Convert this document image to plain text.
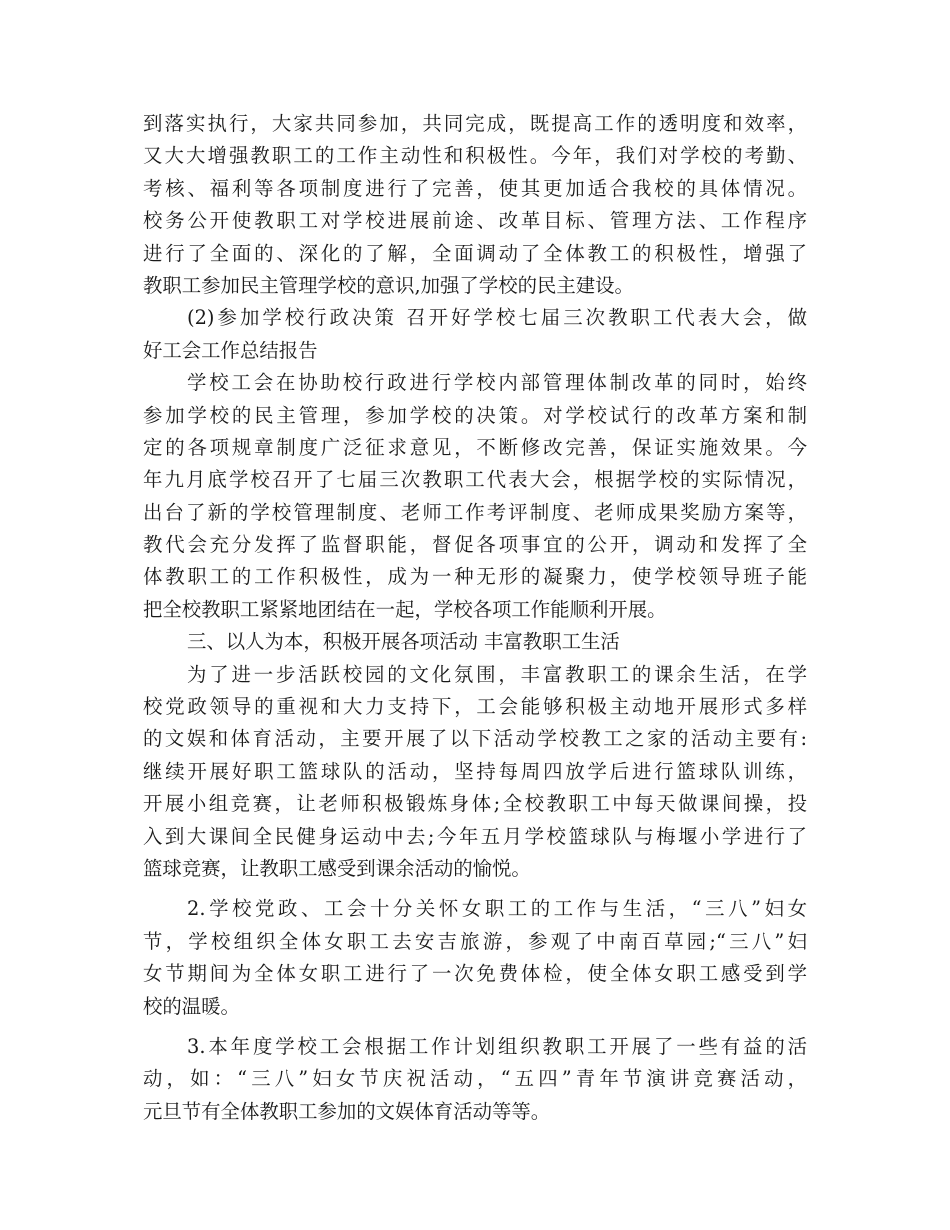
到落实执行，大家共同参加，共同完成，既提高工作的透明度和效率，
又大大增强教职工的工作主动性和积极性。今年，我们对学校的考勤、
考核、福利等各项制度进行了完善，使其更加适合我校的具体情况。
校务公开使教职工对学校进展前途、改革目标、管理方法、工作程序
进行了全面的、深化的了解，全面调动了全体教工的积极性，增强了
教职工参加民主管理学校的意识,加强了学校的民主建设。
(2)参加学校行政决策 召开好学校七届三次教职工代表大会，做
好工会工作总结报告
学校工会在协助校行政进行学校内部管理体制改革的同时，始终
参加学校的民主管理，参加学校的决策。对学校试行的改革方案和制
定的各项规章制度广泛征求意见，不断修改完善，保证实施效果。今
年九月底学校召开了七届三次教职工代表大会，根据学校的实际情况，
出台了新的学校管理制度、老师工作考评制度、老师成果奖励方案等，
教代会充分发挥了监督职能，督促各项事宜的公开，调动和发挥了全
体教职工的工作积极性，成为一种无形的凝聚力，使学校领导班子能
把全校教职工紧紧地团结在一起，学校各项工作能顺利开展。
三、以人为本，积极开展各项活动 丰富教职工生活
为了进一步活跃校园的文化氛围，丰富教职工的课余生活，在学
校党政领导的重视和大力支持下，工会能够积极主动地开展形式多样
的文娱和体育活动，主要开展了以下活动学校教工之家的活动主要有:
继续开展好职工篮球队的活动，坚持每周四放学后进行篮球队训练，
开展小组竞赛，让老师积极锻炼身体;全校教职工中每天做课间操，投
入到大课间全民健身运动中去;今年五月学校篮球队与梅堰小学进行了
篮球竞赛，让教职工感受到课余活动的愉悦。
2.学校党政、工会十分关怀女职工的工作与生活，“三八”妇女
节，学校组织全体女职工去安吉旅游，参观了中南百草园;“三八”妇
女节期间为全体女职工进行了一次免费体检，使全体女职工感受到学
校的温暖。
3.本年度学校工会根据工作计划组织教职工开展了一些有益的活
动，如：“三八”妇女节庆祝活动，“五四”青年节演讲竞赛活动，
元旦节有全体教职工参加的文娱体育活动等等。
